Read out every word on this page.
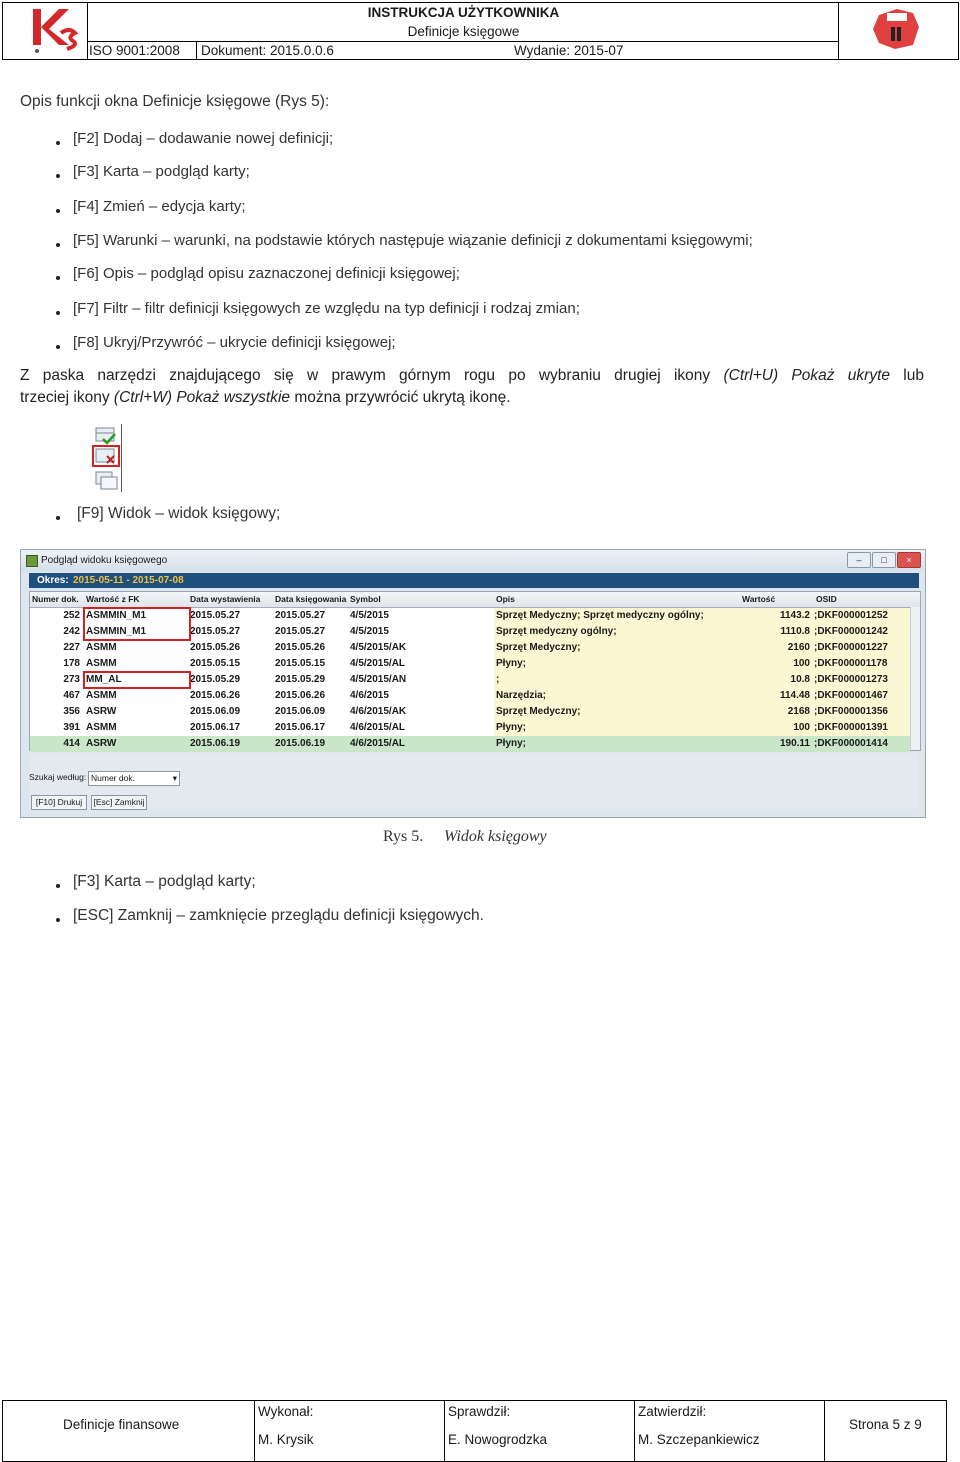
INSTRUKCJA UŻYTKOWNIKA
Definicje księgowe
ISO 9001:2008	Dokument: 2015.0.0.6	Wydanie: 2015-07
Opis funkcji okna Definicje księgowe (Rys 5):
[F2] Dodaj – dodawanie nowej definicji;
[F3] Karta – podgląd karty;
[F4] Zmień – edycja karty;
[F5] Warunki – warunki, na podstawie których następuje wiązanie definicji z dokumentami księgowymi;
[F6] Opis – podgląd opisu zaznaczonej definicji księgowej;
[F7] Filtr – filtr definicji księgowych ze względu na typ definicji i rodzaj zmian;
[F8] Ukryj/Przywróć – ukrycie definicji księgowej;
Z paska narzędzi znajdującego się w prawym górnym rogu po wybraniu drugiej ikony (Ctrl+U) Pokaż ukryte lub
trzeciej ikony (Ctrl+W) Pokaż wszystkie można przywrócić ukrytą ikonę.
[F9] Widok – widok księgowy;
Podgląd widoku księgowego	–	□	×
Okres: 2015-05-11 - 2015-07-08
Numer dok. Wartość z FK	Data wystawienia Data księgowania Symbol	Opis	Wartość	OSID
252 ASMMIN_M1	2015.05.27	2015.05.27	4/5/2015	Sprzęt Medyczny; Sprzęt medyczny ogólny;	1143.2 ;DKF000001252
242 ASMMIN_M1	2015.05.27	2015.05.27	4/5/2015	Sprzęt medyczny ogólny;	1110.8 ;DKF000001242
227 ASMM	2015.05.26	2015.05.26	4/5/2015/AK	Sprzęt Medyczny;	2160 ;DKF000001227
178 ASMM	2015.05.15	2015.05.15	4/5/2015/AL	Płyny;	100 ;DKF000001178
273 MM_AL	2015.05.29	2015.05.29	4/5/2015/AN	;	10.8 ;DKF000001273
467 ASMM	2015.06.26	2015.06.26	4/6/2015	Narzędzia;	114.48 ;DKF000001467
356 ASRW	2015.06.09	2015.06.09	4/6/2015/AK	Sprzęt Medyczny;	2168 ;DKF000001356
391 ASMM	2015.06.17	2015.06.17	4/6/2015/AL	Płyny;	100 ;DKF000001391
414 ASRW	2015.06.19	2015.06.19	4/6/2015/AL	Płyny;	190.11 ;DKF000001414
Szukaj według: Numer dok.	▾
[F10] Drukuj	[Esc] Zamknij
Rys 5. Widok księgowy
[F3] Karta – podgląd karty;
[ESC] Zamknij – zamknięcie przeglądu definicji księgowych.
Definicje finansowe
Wykonał:
M. Krysik
Sprawdził:
E. Nowogrodzka
Zatwierdził:
M. Szczepankiewicz
Strona 5 z 9
